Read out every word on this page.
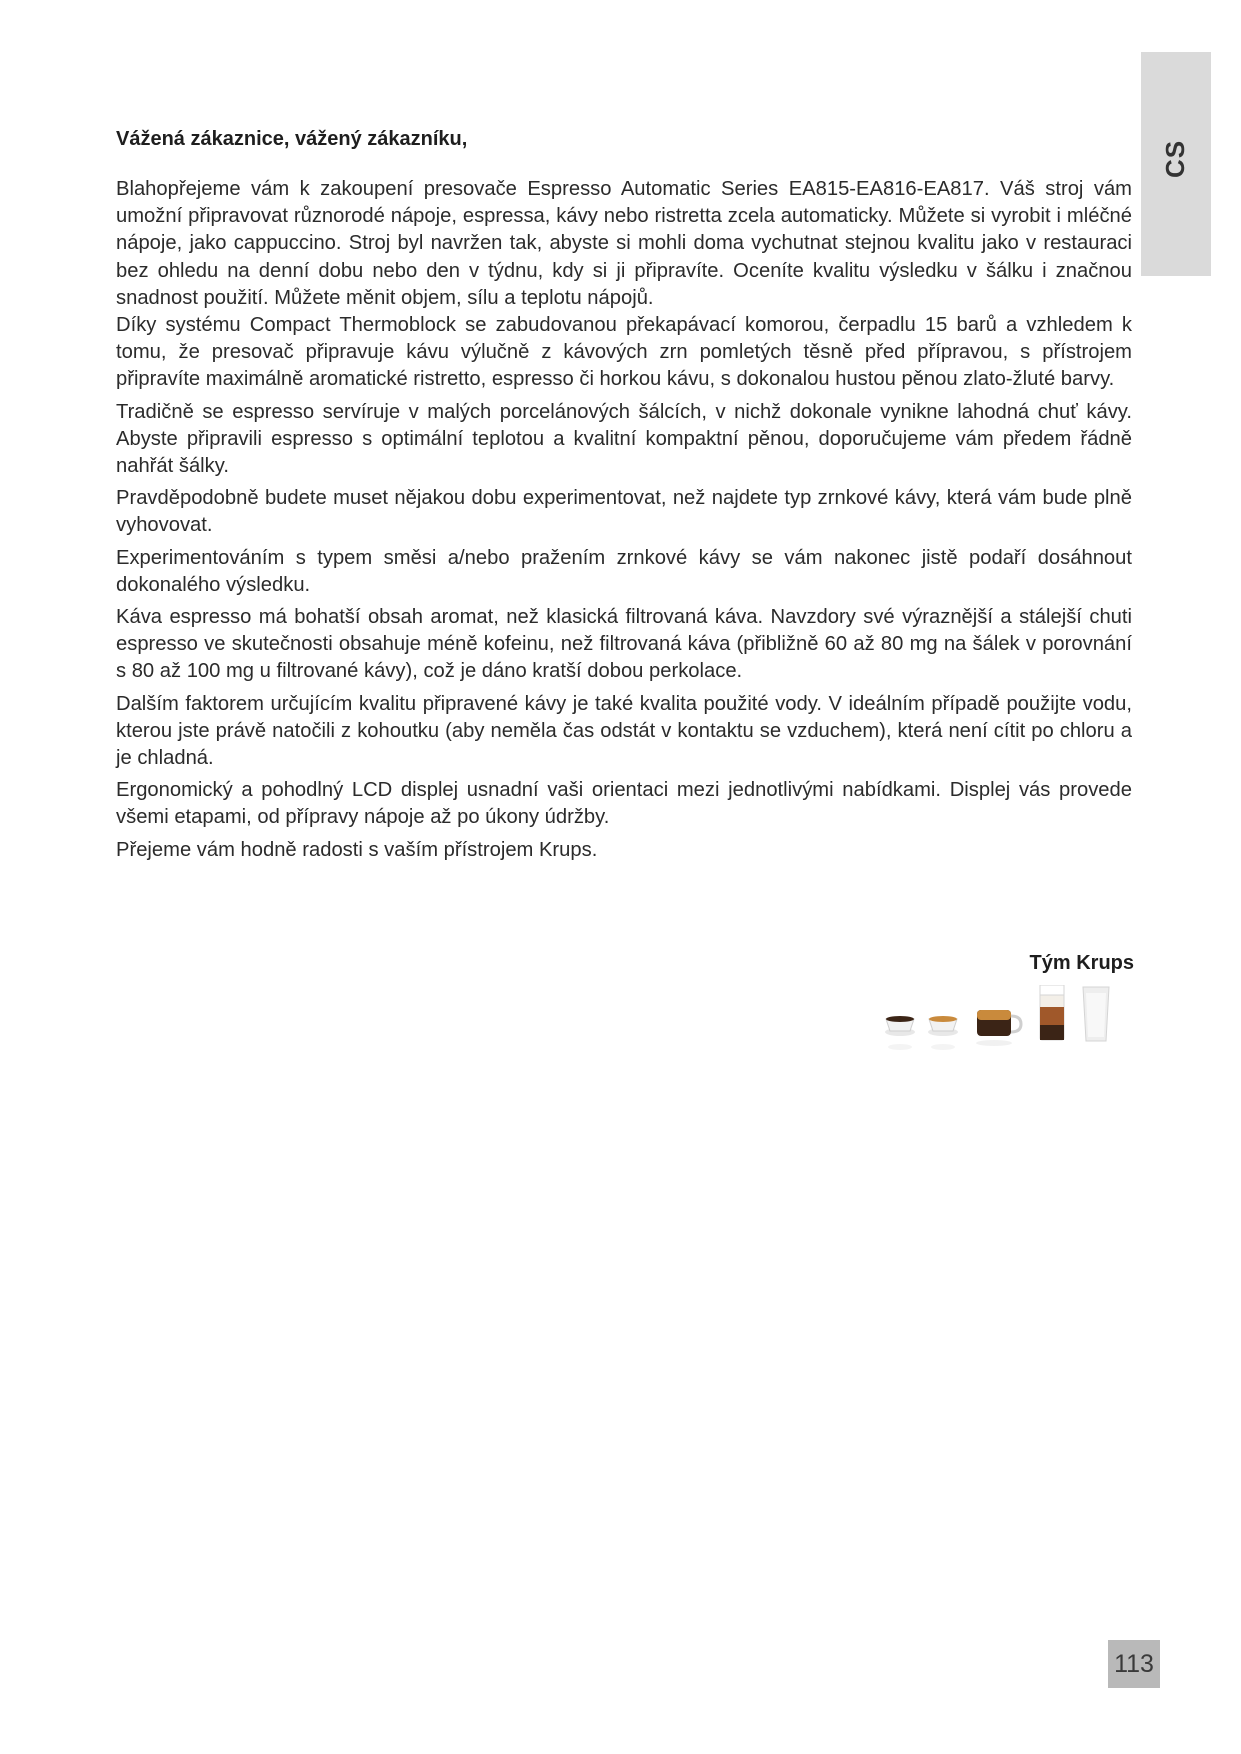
CS
Vážená zákaznice, vážený zákazníku,

Blahopřejeme vám k zakoupení presovače Espresso Automatic Series EA815-EA816-EA817. Váš stroj vám umožní připravovat různorodé nápoje, espressa, kávy nebo ristretta zcela automaticky. Můžete si vyrobit i mléčné nápoje, jako cappuccino. Stroj byl navržen tak, abyste si mohli doma vychutnat stejnou kvalitu jako v restauraci bez ohledu na denní dobu nebo den v týdnu, kdy si ji připravíte. Oceníte kvalitu výsledku v šálku i značnou snadnost použití. Můžete měnit objem, sílu a teplotu nápojů.

Díky systému Compact Thermoblock se zabudovanou překapávací komorou, čerpadlu 15 barů a vzhledem k tomu, že presovač připravuje kávu výlučně z kávových zrn pomletých těsně před přípravou, s přístrojem připravíte maximálně aromatické ristretto, espresso či horkou kávu, s dokonalou hustou pěnou zlato-žluté barvy.

Tradičně se espresso servíruje v malých porcelánových šálcích, v nichž dokonale vynikne lahodná chuť kávy. Abyste připravili espresso s optimální teplotou a kvalitní kompaktní pěnou, doporučujeme vám předem řádně nahřát šálky.

Pravděpodobně budete muset nějakou dobu experimentovat, než najdete typ zrnkové kávy, která vám bude plně vyhovovat.

Experimentováním s typem směsi a/nebo pražením zrnkové kávy se vám nakonec jistě podaří dosáhnout dokonalého výsledku.

Káva espresso má bohatší obsah aromat, než klasická filtrovaná káva. Navzdory své výraznější a stálejší chuti espresso ve skutečnosti obsahuje méně kofeinu, než filtrovaná káva (přibližně 60 až 80 mg na šálek v porovnání s 80 až 100 mg u filtrované kávy), což je dáno kratší dobou perkolace.

Dalším faktorem určujícím kvalitu připravené kávy je také kvalita použité vody. V ideálním případě použijte vodu, kterou jste právě natočili z kohoutku (aby neměla čas odstát v kontaktu se vzduchem), která není cítit po chloru a je chladná.

Ergonomický a pohodlný LCD displej usnadní vaši orientaci mezi jednotlivými nabídkami. Displej vás provede všemi etapami, od přípravy nápoje až po úkony údržby.

Přejeme vám hodně radosti s vaším přístrojem Krups.

Tým Krups
113
